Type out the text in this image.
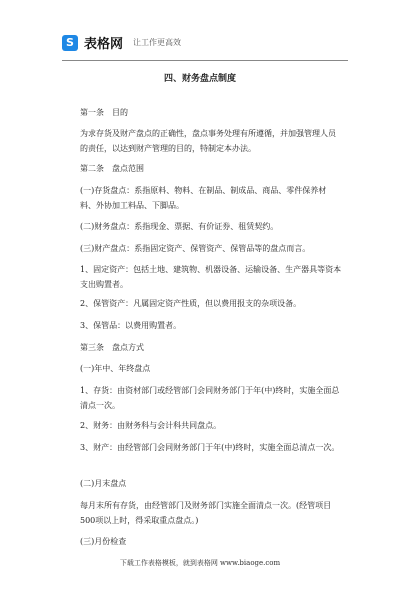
S 表格网 让工作更高效
四、财务盘点制度

第一条　目的

为求存货及财产盘点的正确性，盘点事务处理有所遵循，并加强管理人员的责任，以达到财产管理的目的，特制定本办法。

第二条　盘点范围

(一)存货盘点：系指原料、物料、在制品、制成品、商品、零件保养材料、外协加工料品、下脚品。

(二)财务盘点：系指现金、票据、有价证券、租赁契约。

(三)财产盘点：系指固定资产、保管资产、保管品等的盘点而言。

1、固定资产：包括土地、建筑物、机器设备、运输设备、生产器具等资本支出购置者。

2、保管资产：凡属固定资产性质，但以费用报支的杂项设备。

3、保管品：以费用购置者。

第三条　盘点方式

(一)年中、年终盘点

1、存货：由资材部门或经管部门会同财务部门于年(中)终时，实施全面总清点一次。

2、财务：由财务科与会计科共同盘点。

3、财产：由经管部门会同财务部门于年(中)终时，实施全面总清点一次。

(二)月末盘点

每月末所有存货，由经管部门及财务部门实施全面清点一次。(经管项目500项以上时，得采取重点盘点。)

(三)月份检查

下载工作表格模板，就到表格网 www.biaoge.com
